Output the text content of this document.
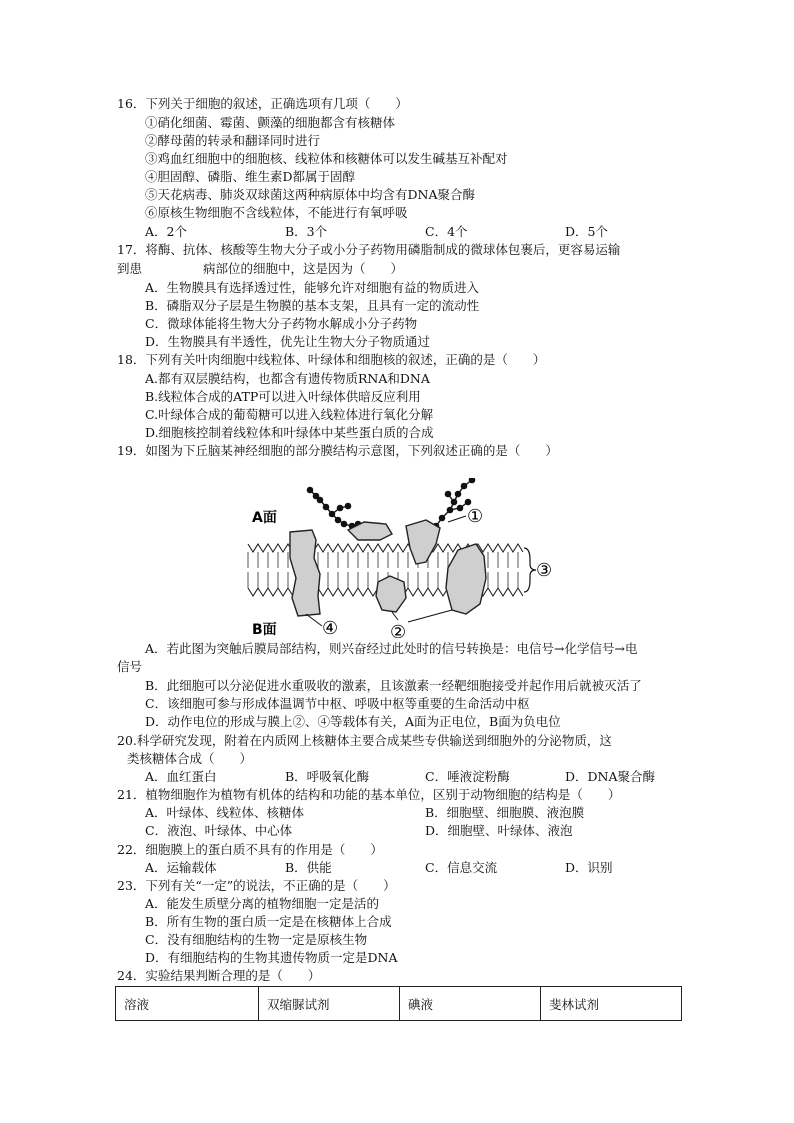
16．下列关于细胞的叙述，正确选项有几项（　　）
①硝化细菌、霉菌、颤藻的细胞都含有核糖体
②酵母菌的转录和翻译同时进行
③鸡血红细胞中的细胞核、线粒体和核糖体可以发生碱基互补配对
④胆固醇、磷脂、维生素D都属于固醇
⑤天花病毒、肺炎双球菌这两种病原体中均含有DNA聚合酶
⑥原核生物细胞不含线粒体，不能进行有氧呼吸
A．2个	B．3个	C．4个	D．5个
17．将酶、抗体、核酸等生物大分子或小分子药物用磷脂制成的微球体包裹后，更容易运输
到患	病部位的细胞中，这是因为（　　）
A．生物膜具有选择透过性，能够允许对细胞有益的物质进入
B．磷脂双分子层是生物膜的基本支架，且具有一定的流动性
C．微球体能将生物大分子药物水解成小分子药物
D．生物膜具有半透性，优先让生物大分子物质通过
18．下列有关叶肉细胞中线粒体、叶绿体和细胞核的叙述，正确的是（　　）
A.都有双层膜结构，也都含有遗传物质RNA和DNA
B.线粒体合成的ATP可以进入叶绿体供暗反应利用
C.叶绿体合成的葡萄糖可以进入线粒体进行氧化分解
D.细胞核控制着线粒体和叶绿体中某些蛋白质的合成
19．如图为下丘脑某神经细胞的部分膜结构示意图，下列叙述正确的是（　　）
A面
B面
①
②
③
④
A．若此图为突触后膜局部结构，则兴奋经过此处时的信号转换是：电信号→化学信号→电
信号
B．此细胞可以分泌促进水重吸收的激素，且该激素一经靶细胞接受并起作用后就被灭活了
C．该细胞可参与形成体温调节中枢、呼吸中枢等重要的生命活动中枢
D．动作电位的形成与膜上②、④等载体有关，A面为正电位，B面为负电位
20.科学研究发现，附着在内质网上核糖体主要合成某些专供输送到细胞外的分泌物质，这
类核糖体合成（　　）
A．血红蛋白	B．呼吸氧化酶	C．唾液淀粉酶	D．DNA聚合酶
21．植物细胞作为植物有机体的结构和功能的基本单位，区别于动物细胞的结构是（　　）
A．叶绿体、线粒体、核糖体	B．细胞壁、细胞膜、液泡膜
C．液泡、叶绿体、中心体	D．细胞壁、叶绿体、液泡
22．细胞膜上的蛋白质不具有的作用是（　　）
A．运输载体	B．供能	C．信息交流	D．识别
23．下列有关“一定”的说法，不正确的是（　　）
A．能发生质壁分离的植物细胞一定是活的
B．所有生物的蛋白质一定是在核糖体上合成
C．没有细胞结构的生物一定是原核生物
D．有细胞结构的生物其遗传物质一定是DNA
24．实验结果判断合理的是（　　）
溶液	双缩脲试剂	碘液	斐林试剂
